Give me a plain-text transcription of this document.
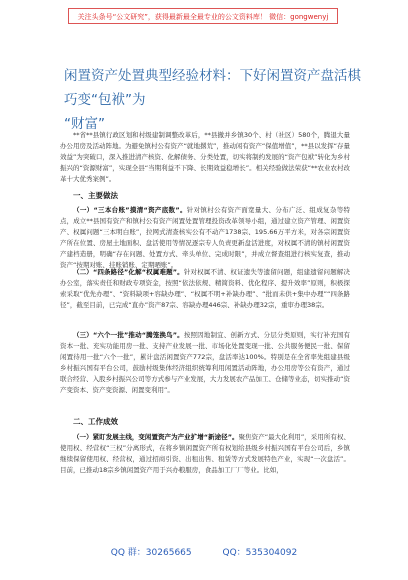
关注头条号“公文研究”，获得最新最全最专业的公文资料库！ 微信：gongwenyj
闲置资产处置典型经验材料：下好闲置资产盘活棋 巧变“包袱”为
“财富”
**省**县镇行政区划和村级建制调整改革后，**县撤并乡镇30个、村（社区）580个，腾退大量办公用房及活动阵地。为避免镇村公有资产“就地撂荒”，推动闲有资产“保值增值”，**县以发挥“存量效益”为突破口，深入推进清产核资、化解债务、分类处置，切实将制约发展的“资产包袱”转化为乡村振兴的“资源财富”，实现全县“当期利益不下降、长期效益稳增长”。相关经验做法荣获“**农业农村改革十大优秀案例”。
一、主要做法
（一）“三本台账”摸清“资产底数”。针对镇村公有资产面宽量大、分布广泛、组成复杂等特点，成立**县国有资产和镇村公有资产闲置处置管理投资改革领导小组，通过建立资产管理、闲置资产、权属问题“三本明白账”，拉网式清查核实公有不动产1738宗、195.66万平方米，对各宗闲置资产所在位置、房屋土地面积、盘活使用等情况逐宗专人负责更新盘活进度，对权属不清的镇村闲置资产建档造册，明确“存在问题、处置方式、牵头单位、完成时限”，并成立督查组进行核实复查，推动资产“按期对账、挂账销账、定期晒账”。
（二）“四条路径”化解“权属难题”。针对权属不清、权证遗失等遗留问题，组建遗留问题解决办公室，落实责任和财政专项资金，按照“依法依规、精简资料、优化程序、提升效率”原则，积极探索采取“优先办理”、“资料缺项+容缺办理”、“权属不明+补缺办理”、“批而未供+集中办理”“四条路径”，截至目前，已完成“直办”资产87宗、容缺办理446宗、补缺办理32宗，重审办理38宗。
（三）“六个一批”推动“腾笼换鸟”。按照因地制宜、创新方式、分层分类原则，实行补充国有资本一批、充实功能用房一批、支持产业发展一批、市场化处置变现一批、公共服务便民一批、保留闲置待用一批“六个一批”，累计盘活闲置资产772宗，盘活率达100%。特别是在全省率先组建县级乡村振兴国有平台公司，鼓励村级集体经济组织统筹利用闲置活动阵地，办公用房等公有资产，通过联合经营、入股乡村振兴公司等方式参与产业发展，大力发展农产品加工、仓储等业态，切实推动“资产变资本、资产变资源、闲置变利用”。
二、工作成效
（一）紧盯发展主线，变闲置资产为产业扩增“新途径”。聚焦资产“最大化利用”，采用所有权、使用权、经营权“三权”分离形式，在将乡镇闲置资产所有权划给县级乡村振兴国有平台公司后，乡镇继续保留使用权、经营权，通过招商引资、出租出售、租赁等方式发展特色产业，实现“一次盘活”。目前，已推动18宗乡镇闲置资产用于兴办粮服房，食品加工厂厂等业。比如，
QQ 群：30265665	QQ：535304092
